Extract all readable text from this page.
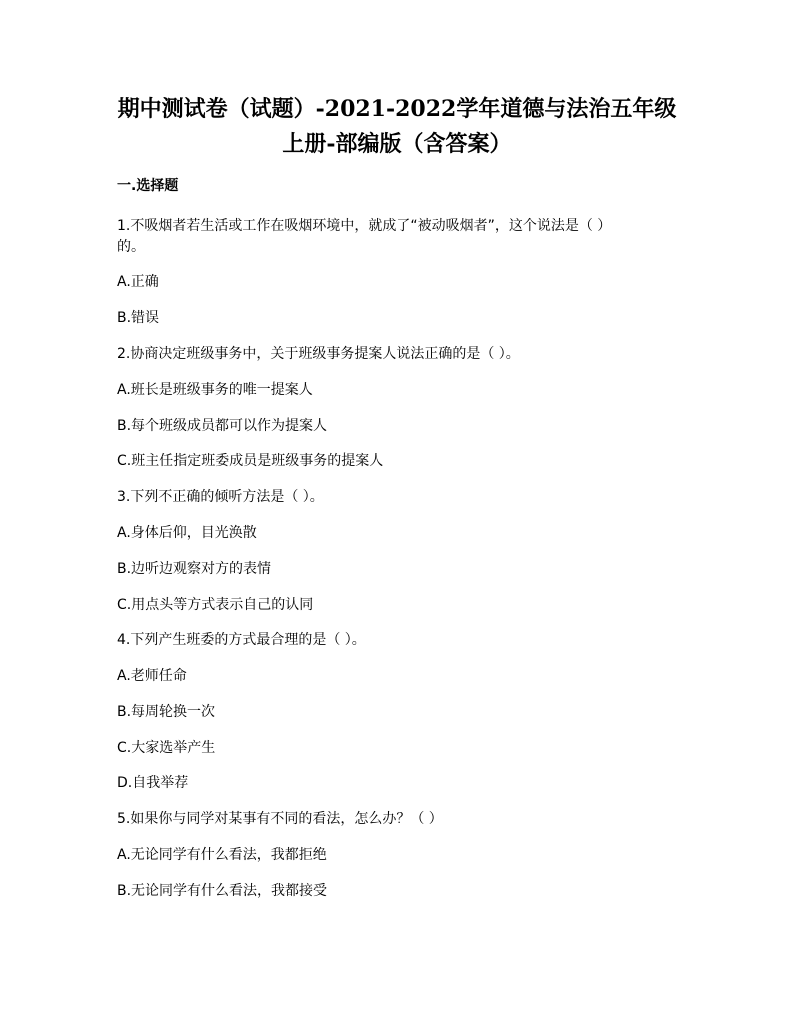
期中测试卷（试题）-2021-2022学年道德与法治五年级
上册-部编版（含答案）
一.选择题
1.不吸烟者若生活或工作在吸烟环境中，就成了“被动吸烟者”，这个说法是（ ）
的。
A.正确
B.错误
2.协商决定班级事务中，关于班级事务提案人说法正确的是（ ）。
A.班长是班级事务的唯一提案人
B.每个班级成员都可以作为提案人
C.班主任指定班委成员是班级事务的提案人
3.下列不正确的倾听方法是（ ）。
A.身体后仰，目光涣散
B.边听边观察对方的表情
C.用点头等方式表示自己的认同
4.下列产生班委的方式最合理的是（ ）。
A.老师任命
B.每周轮换一次
C.大家选举产生
D.自我举荐
5.如果你与同学对某事有不同的看法，怎么办？（ ）
A.无论同学有什么看法，我都拒绝
B.无论同学有什么看法，我都接受
